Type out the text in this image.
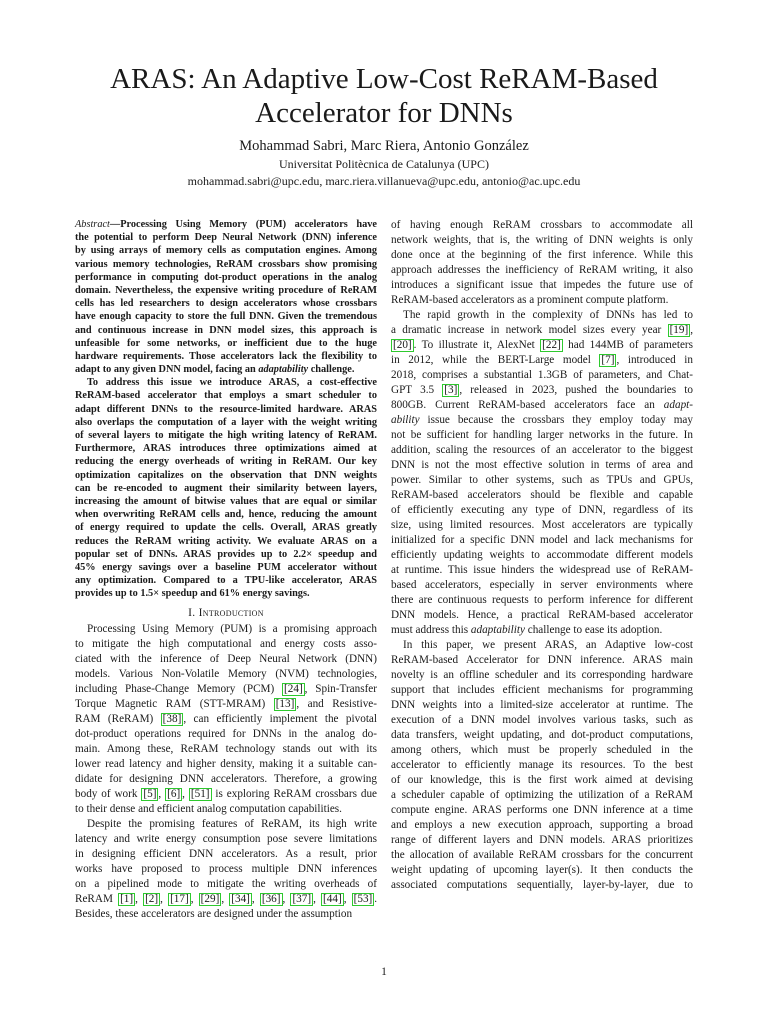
ARAS: An Adaptive Low-Cost ReRAM-Based
Accelerator for DNNs
Mohammad Sabri, Marc Riera, Antonio González
Universitat Politècnica de Catalunya (UPC)
mohammad.sabri@upc.edu, marc.riera.villanueva@upc.edu, antonio@ac.upc.edu
Abstract—Processing Using Memory (PUM) accelerators have
the potential to perform Deep Neural Network (DNN) inference
by using arrays of memory cells as computation engines. Among
various memory technologies, ReRAM crossbars show promising
performance in computing dot-product operations in the analog
domain. Nevertheless, the expensive writing procedure of ReRAM
cells has led researchers to design accelerators whose crossbars
have enough capacity to store the full DNN. Given the tremendous
and continuous increase in DNN model sizes, this approach is
unfeasible for some networks, or inefficient due to the huge
hardware requirements. Those accelerators lack the flexibility to
adapt to any given DNN model, facing an adaptability challenge.
To address this issue we introduce ARAS, a cost-effective
ReRAM-based accelerator that employs a smart scheduler to
adapt different DNNs to the resource-limited hardware. ARAS
also overlaps the computation of a layer with the weight writing
of several layers to mitigate the high writing latency of ReRAM.
Furthermore, ARAS introduces three optimizations aimed at
reducing the energy overheads of writing in ReRAM. Our key
optimization capitalizes on the observation that DNN weights
can be re-encoded to augment their similarity between layers,
increasing the amount of bitwise values that are equal or similar
when overwriting ReRAM cells and, hence, reducing the amount
of energy required to update the cells. Overall, ARAS greatly
reduces the ReRAM writing activity. We evaluate ARAS on a
popular set of DNNs. ARAS provides up to 2.2× speedup and
45% energy savings over a baseline PUM accelerator without
any optimization. Compared to a TPU-like accelerator, ARAS
provides up to 1.5× speedup and 61% energy savings.
I. Introduction
Processing Using Memory (PUM) is a promising approach
to mitigate the high computational and energy costs asso-
ciated with the inference of Deep Neural Network (DNN)
models. Various Non-Volatile Memory (NVM) technologies,
including Phase-Change Memory (PCM) [24] , Spin-Transfer
Torque Magnetic RAM (STT-MRAM) [13] , and Resistive-
RAM (ReRAM) [38] , can efficiently implement the pivotal
dot-product operations required for DNNs in the analog do-
main. Among these, ReRAM technology stands out with its
lower read latency and higher density, making it a suitable can-
didate for designing DNN accelerators. Therefore, a growing
body of work [5] , [6] , [51] is exploring ReRAM crossbars due
to their dense and efficient analog computation capabilities.
Despite the promising features of ReRAM, its high write
latency and write energy consumption pose severe limitations
in designing efficient DNN accelerators. As a result, prior
works have proposed to process multiple DNN inferences
on a pipelined mode to mitigate the writing overheads of
ReRAM [1] , [2] , [17] , [29] , [34] , [36] , [37] , [44] , [53] .
Besides, these accelerators are designed under the assumption
of having enough ReRAM crossbars to accommodate all
network weights, that is, the writing of DNN weights is only
done once at the beginning of the first inference. While this
approach addresses the inefficiency of ReRAM writing, it also
introduces a significant issue that impedes the future use of
ReRAM-based accelerators as a prominent compute platform.
The rapid growth in the complexity of DNNs has led to
a dramatic increase in network model sizes every year [19] ,
[20] . To illustrate it, AlexNet [22] had 144MB of parameters
in 2012, while the BERT-Large model [7] , introduced in
2018, comprises a substantial 1.3GB of parameters, and Chat-
GPT 3.5 [3] , released in 2023, pushed the boundaries to
800GB. Current ReRAM-based accelerators face an adapt-
ability issue because the crossbars they employ today may
not be sufficient for handling larger networks in the future. In
addition, scaling the resources of an accelerator to the biggest
DNN is not the most effective solution in terms of area and
power. Similar to other systems, such as TPUs and GPUs,
ReRAM-based accelerators should be flexible and capable
of efficiently executing any type of DNN, regardless of its
size, using limited resources. Most accelerators are typically
initialized for a specific DNN model and lack mechanisms for
efficiently updating weights to accommodate different models
at runtime. This issue hinders the widespread use of ReRAM-
based accelerators, especially in server environments where
there are continuous requests to perform inference for different
DNN models. Hence, a practical ReRAM-based accelerator
must address this adaptability challenge to ease its adoption.
In this paper, we present ARAS, an Adaptive low-cost
ReRAM-based Accelerator for DNN inference. ARAS main
novelty is an offline scheduler and its corresponding hardware
support that includes efficient mechanisms for programming
DNN weights into a limited-size accelerator at runtime. The
execution of a DNN model involves various tasks, such as
data transfers, weight updating, and dot-product computations,
among others, which must be properly scheduled in the
accelerator to efficiently manage its resources. To the best
of our knowledge, this is the first work aimed at devising
a scheduler capable of optimizing the utilization of a ReRAM
compute engine. ARAS performs one DNN inference at a time
and employs a new execution approach, supporting a broad
range of different layers and DNN models. ARAS prioritizes
the allocation of available ReRAM crossbars for the concurrent
weight updating of upcoming layer(s). It then conducts the
associated computations sequentially, layer-by-layer, due to
1
